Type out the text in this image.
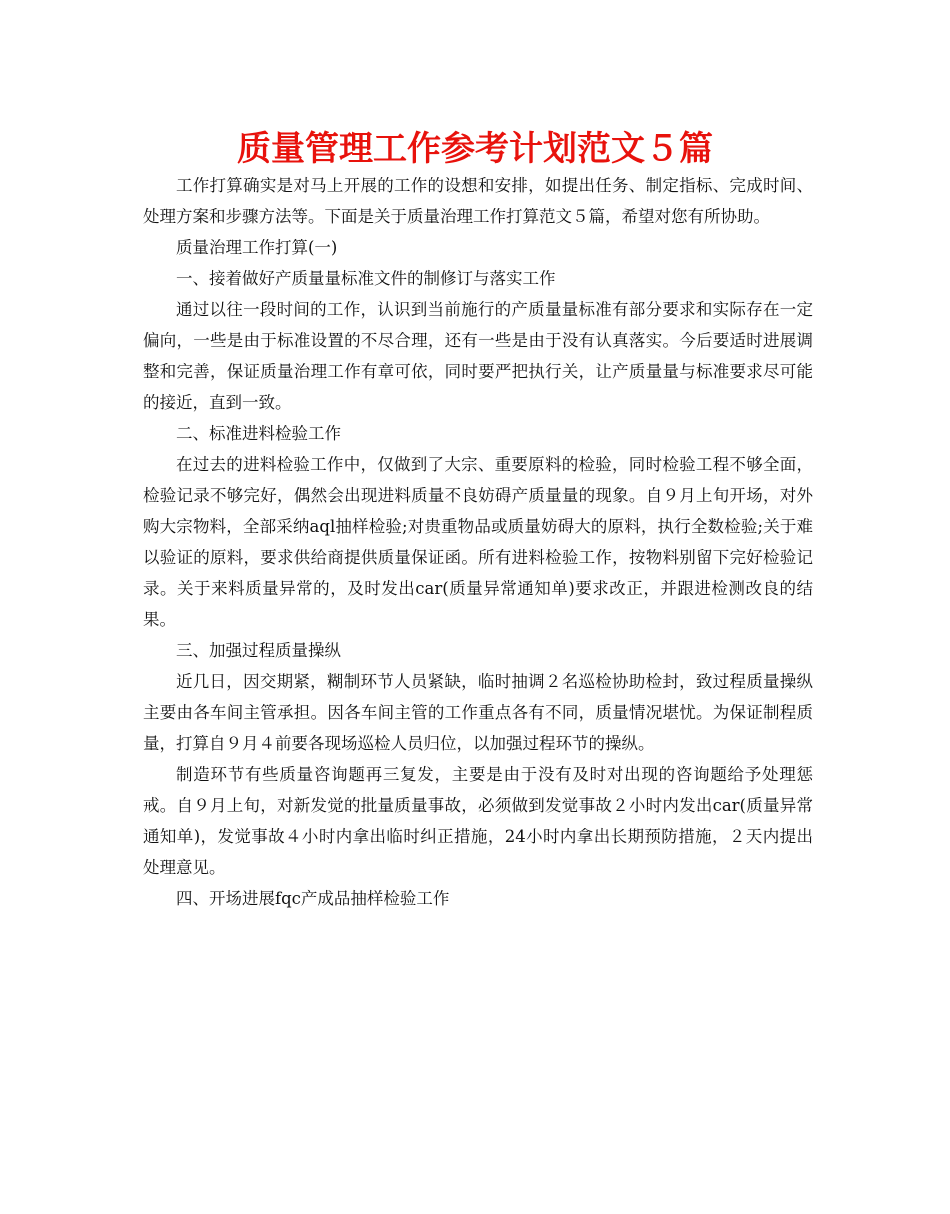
质量管理工作参考计划范文５篇

工作打算确实是对马上开展的工作的设想和安排，如提出任务、制定指标、完成时间、处理方案和步骤方法等。下面是关于质量治理工作打算范文５篇，希望对您有所协助。

质量治理工作打算(一)

一、接着做好产质量量标准文件的制修订与落实工作

通过以往一段时间的工作，认识到当前施行的产质量量标准有部分要求和实际存在一定偏向，一些是由于标准设置的不尽合理，还有一些是由于没有认真落实。今后要适时进展调整和完善，保证质量治理工作有章可依，同时要严把执行关，让产质量量与标准要求尽可能的接近，直到一致。

二、标准进料检验工作

在过去的进料检验工作中，仅做到了大宗、重要原料的检验，同时检验工程不够全面，检验记录不够完好，偶然会出现进料质量不良妨碍产质量量的现象。自９月上旬开场，对外购大宗物料，全部采纳aql抽样检验;对贵重物品或质量妨碍大的原料，执行全数检验;关于难以验证的原料，要求供给商提供质量保证函。所有进料检验工作，按物料别留下完好检验记录。关于来料质量异常的，及时发出car(质量异常通知单)要求改正，并跟进检测改良的结果。

三、加强过程质量操纵

近几日，因交期紧，糊制环节人员紧缺，临时抽调２名巡检协助检封，致过程质量操纵主要由各车间主管承担。因各车间主管的工作重点各有不同，质量情况堪忧。为保证制程质量，打算自９月４前要各现场巡检人员归位，以加强过程环节的操纵。

制造环节有些质量咨询题再三复发，主要是由于没有及时对出现的咨询题给予处理惩戒。自９月上旬，对新发觉的批量质量事故，必须做到发觉事故２小时内发出car(质量异常通知单)，发觉事故４小时内拿出临时纠正措施，24小时内拿出长期预防措施，２天内提出处理意见。

四、开场进展fqc产成品抽样检验工作
